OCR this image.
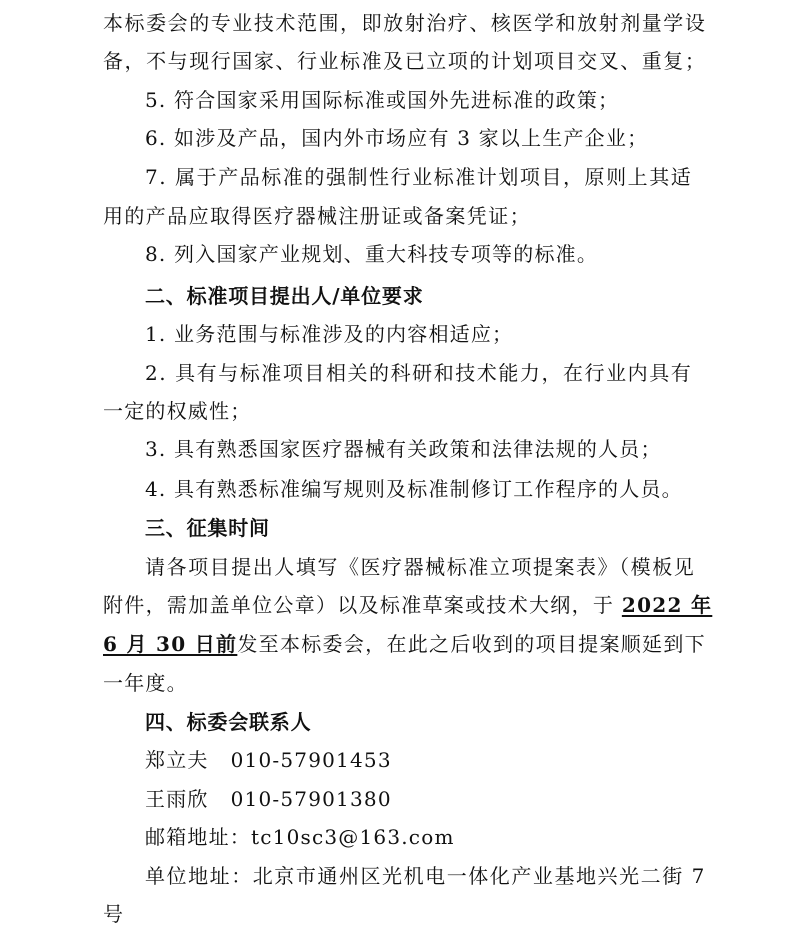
本标委会的专业技术范围，即放射治疗、核医学和放射剂量学设
备，不与现行国家、行业标准及已立项的计划项目交叉、重复；
5. 符合国家采用国际标准或国外先进标准的政策；
6. 如涉及产品，国内外市场应有 3 家以上生产企业；
7. 属于产品标准的强制性行业标准计划项目，原则上其适
用的产品应取得医疗器械注册证或备案凭证；
8. 列入国家产业规划、重大科技专项等的标准。
二、标准项目提出人/单位要求
1. 业务范围与标准涉及的内容相适应；
2. 具有与标准项目相关的科研和技术能力，在行业内具有
一定的权威性；
3. 具有熟悉国家医疗器械有关政策和法律法规的人员；
4. 具有熟悉标准编写规则及标准制修订工作程序的人员。
三、征集时间
请各项目提出人填写《医疗器械标准立项提案表》（模板见
附件，需加盖单位公章）以及标准草案或技术大纲，于 2022 年
6 月 30 日前发至本标委会，在此之后收到的项目提案顺延到下
一年度。
四、标委会联系人
郑立夫 010-57901453
王雨欣 010-57901380
邮箱地址：tc10sc3@163.com
单位地址：北京市通州区光机电一体化产业基地兴光二街 7
号
